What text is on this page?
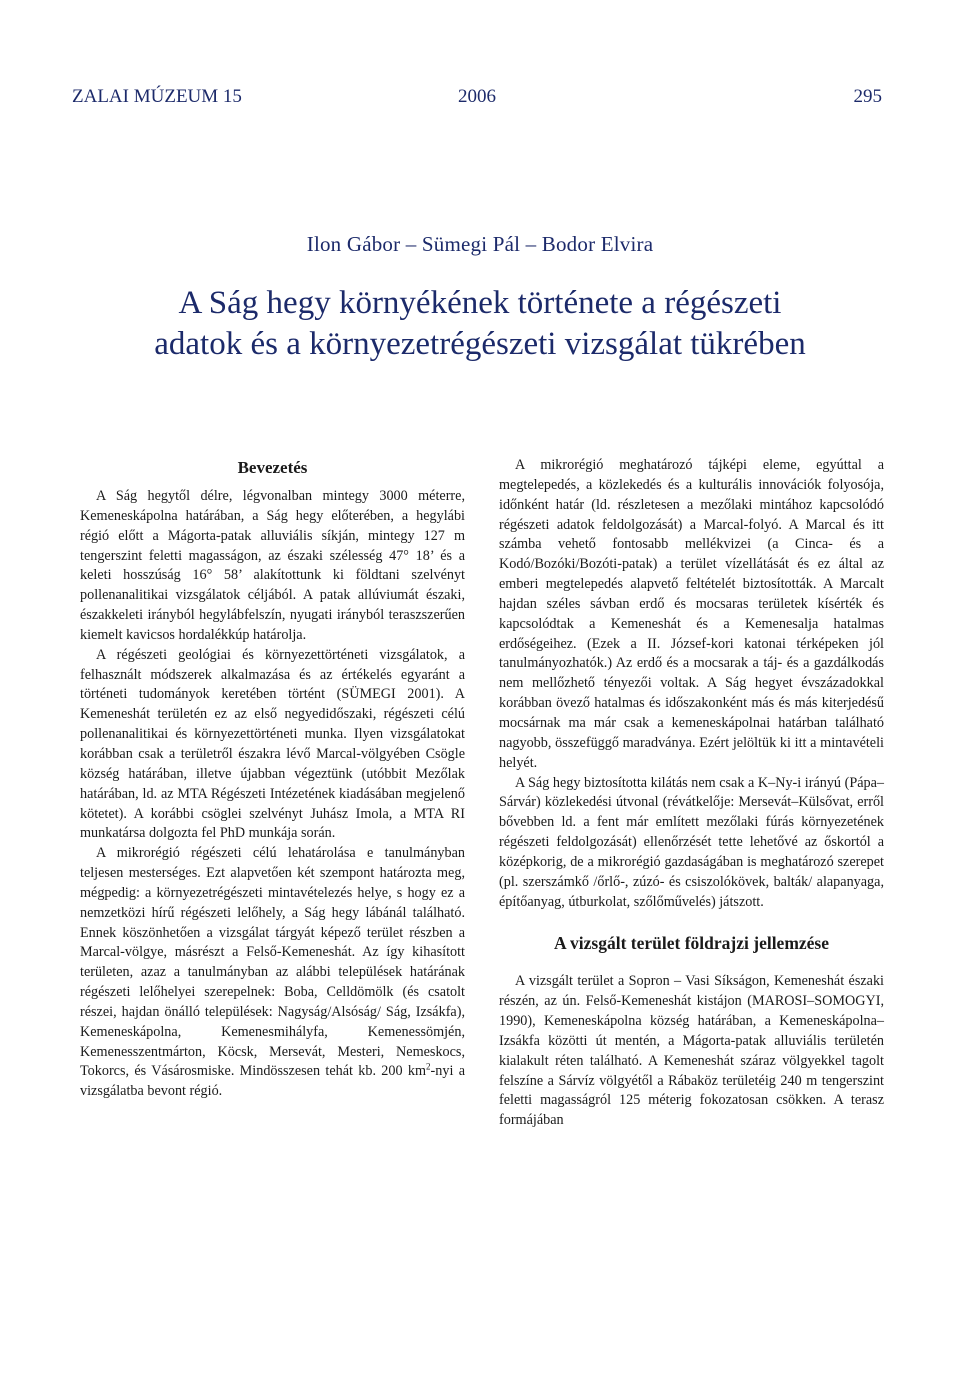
ZALAI MÚZEUM 15	2006	295
Ilon Gábor – Sümegi Pál – Bodor Elvira
A Ság hegy környékének története a régészeti
adatok és a környezetrégészeti vizsgálat tükrében
Bevezetés

A Ság hegytől délre, légvonalban mintegy 3000 méterre, Kemeneskápolna határában, a Ság hegy előterében, a hegylábi régió előtt a Mágorta-patak alluviális síkján, mintegy 127 m tengerszint feletti magasságon, az északi szélesség 47° 18’ és a keleti hosszúság 16° 58’ alakítottunk ki földtani szelvényt pollenanalitikai vizsgálatok céljából. A patak allúviumát északi, északkeleti irányból hegylábfelszín, nyugati irányból teraszszerűen kiemelt kavicsos hordalékkúp határolja.

A régészeti geológiai és környezettörténeti vizsgálatok, a felhasznált módszerek alkalmazása és az értékelés egyaránt a történeti tudományok keretében történt (SÜMEGI 2001). A Kemeneshát területén ez az első negyedidőszaki, régészeti célú pollenanalitikai és környezettörténeti munka. Ilyen vizsgálatokat korábban csak a területről északra lévő Marcal-völgyében Csögle község határában, illetve újabban végeztünk (utóbbit Mezőlak határában, ld. az MTA Régészeti Intézetének kiadásában megjelenő kötetet). A korábbi csöglei szelvényt Juhász Imola, a MTA RI munkatársa dolgozta fel PhD munkája során.

A mikrorégió régészeti célú lehatárolása e tanulmányban teljesen mesterséges. Ezt alapvetően két szempont határozta meg, mégpedig: a környezetrégészeti mintavételezés helye, s hogy ez a nemzetközi hírű régészeti lelőhely, a Ság hegy lábánál található. Ennek köszönhetően a vizsgálat tárgyát képező terület részben a Marcal-völgye, másrészt a Felső-Kemeneshát. Az így kihasított területen, azaz a tanulmányban az alábbi települések határának régészeti lelőhelyei szerepelnek: Boba, Celldömölk (és csatolt részei, hajdan önálló települések: Nagyság/Alsóság/ Ság, Izsákfa), Kemeneskápolna, Kemenesmihályfa, Kemenessömjén, Kemenesszentmárton, Köcsk, Mersevát, Mesteri, Nemeskocs, Tokorcs, és Vásárosmiske. Mindösszesen tehát kb. 200 $km^2$-nyi a vizsgálatba bevont régió.

A mikrorégió meghatározó tájképi eleme, egyúttal a megtelepedés, a közlekedés és a kulturális innovációk folyosója, időnként határ (ld. részletesen a mezőlaki mintához kapcsolódó régészeti adatok feldolgozását) a Marcal-folyó. A Marcal és itt számba vehető fontosabb mellékvizei (a Cinca- és a Kodó/Bozóki/Bozóti-patak) a terület vízellátását és ez által az emberi megtelepedés alapvető feltételét biztosították. A Marcalt hajdan széles sávban erdő és mocsaras területek kísérték és kapcsolódtak a Kemeneshát és a Kemenesalja hatalmas erdőségeihez. (Ezek a II. József-kori katonai térképeken jól tanulmányozhatók.) Az erdő és a mocsarak a táj- és a gazdálkodás nem mellőzhető tényezői voltak. A Ság hegyet évszázadokkal korábban övező hatalmas és időszakonként más és más kiterjedésű mocsárnak ma már csak a kemeneskápolnai határban található nagyobb, összefüggő maradványa. Ezért jelöltük ki itt a mintavételi helyét.

A Ság hegy biztosította kilátás nem csak a K–Ny-i irányú (Pápa–Sárvár) közlekedési útvonal (révátkelője: Mersevát–Külsővat, erről bővebben ld. a fent már említett mezőlaki fúrás környezetének régészeti feldolgozását) ellenőrzését tette lehetővé az őskortól a középkorig, de a mikrorégió gazdaságában is meghatározó szerepet (pl. szerszámkő /őrlő-, zúzó- és csiszolókövek, balták/ alapanyaga, építőanyag, útburkolat, szőlőművelés) játszott.

A vizsgált terület földrajzi jellemzése

A vizsgált terület a Sopron – Vasi Síkságon, Kemeneshát északi részén, az ún. Felső-Kemeneshát kistájon (MAROSI–SOMOGYI, 1990), Kemeneskápolna község határában, a Kemeneskápolna–Izsákfa közötti út mentén, a Mágorta-patak alluviális területén kialakult réten található. A Kemeneshát száraz völgyekkel tagolt felszíne a Sárvíz völgyétől a Rábaköz területéig 240 m tengerszint feletti magasságról 125 méterig fokozatosan csökken. A terasz formájában
